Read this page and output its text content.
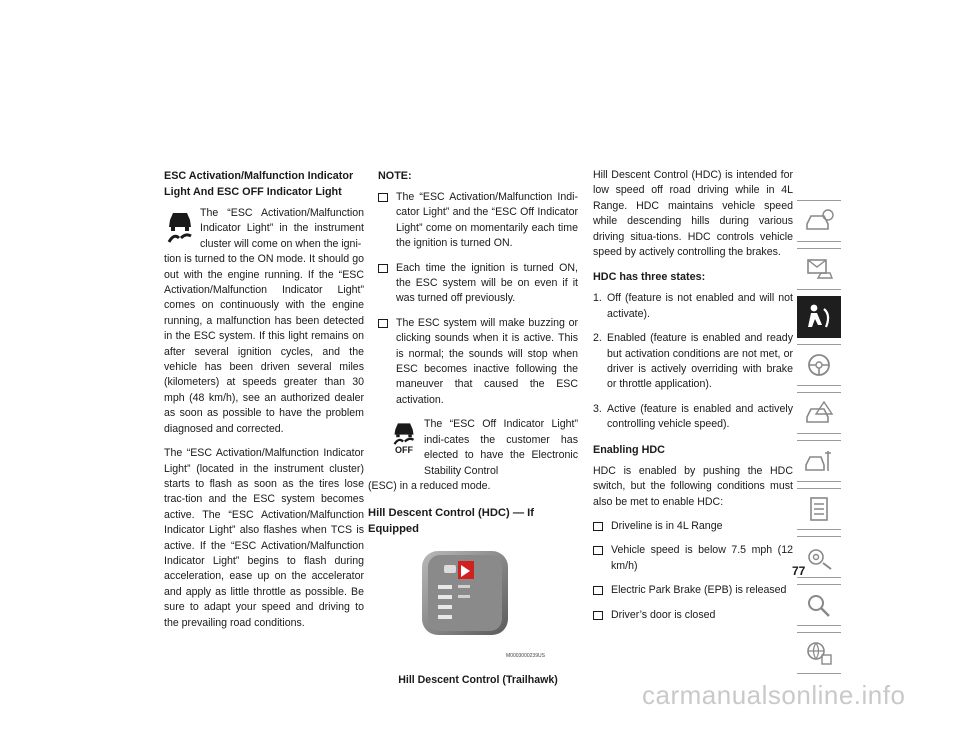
ESC Activation/Malfunction Indicator Light And ESC OFF Indicator Light

The “ESC Activation/Malfunction Indicator Light” in the instrument cluster will come on when the igni-

tion is turned to the ON mode. It should go out with the engine running. If the “ESC Activation/Malfunction Indicator Light” comes on continuously with the engine running, a malfunction has been detected in the ESC system. If this light remains on after several ignition cycles, and the vehicle has been driven several miles (kilometers) at speeds greater than 30 mph (48 km/h), see an authorized dealer as soon as possible to have the problem diagnosed and corrected.

The “ESC Activation/Malfunction Indicator Light” (located in the instrument cluster) starts to flash as soon as the tires lose trac-tion and the ESC system becomes active. The “ESC Activation/Malfunction Indicator Light” also flashes when TCS is active. If the “ESC Activation/Malfunction Indicator Light” begins to flash during acceleration, ease up on the accelerator and apply as little throttle as possible. Be sure to adapt your speed and driving to the prevailing road conditions.

NOTE:
The “ESC Activation/Malfunction Indi-cator Light” and the “ESC Off Indicator Light” come on momentarily each time the ignition is turned ON.
Each time the ignition is turned ON, the ESC system will be on even if it was turned off previously.
The ESC system will make buzzing or clicking sounds when it is active. This is normal; the sounds will stop when ESC becomes inactive following the maneuver that caused the ESC activation.
OFF

The “ESC Off Indicator Light” indi-cates the customer has elected to have the Electronic Stability Control

(ESC) in a reduced mode.

Hill Descent Control (HDC) — If Equipped
M0003000239US
Hill Descent Control (Trailhawk)

Hill Descent Control (HDC) is intended for low speed off road driving while in 4L Range. HDC maintains vehicle speed while descending hills during various driving situa-tions. HDC controls vehicle speed by actively controlling the brakes.

HDC has three states:
1. Off (feature is not enabled and will not activate).
2. Enabled (feature is enabled and ready but activation conditions are not met, or driver is actively overriding with brake or throttle application).
3. Active (feature is enabled and actively controlling vehicle speed).
Enabling HDC

HDC is enabled by pushing the HDC switch, but the following conditions must also be met to enable HDC:

Driveline is in 4L Range
Vehicle speed is below 7.5 mph (12 km/h)
Electric Park Brake (EPB) is released
Driver’s door is closed
77
carmanualsonline.info
